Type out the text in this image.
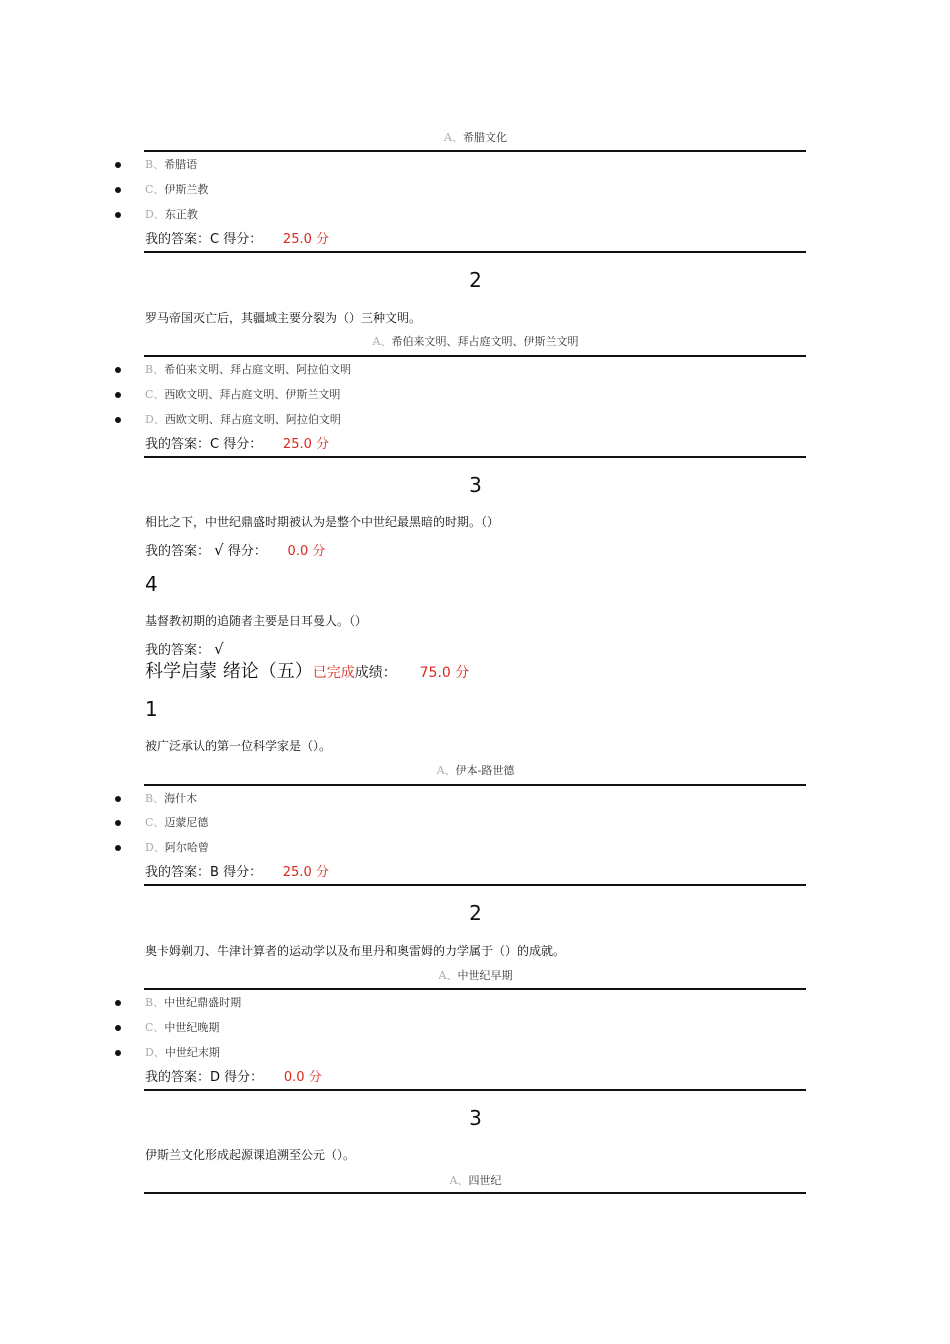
A、希腊文化
B、希腊语
C、伊斯兰教
D、东正教
我的答案：C 得分： 25.0 分
2
罗马帝国灭亡后，其疆域主要分裂为（）三种文明。
A、希伯来文明、拜占庭文明、伊斯兰文明
B、希伯来文明、拜占庭文明、阿拉伯文明
C、西欧文明、拜占庭文明、伊斯兰文明
D、西欧文明、拜占庭文明、阿拉伯文明
我的答案：C 得分： 25.0 分
3
相比之下，中世纪鼎盛时期被认为是整个中世纪最黑暗的时期。（）
我的答案： √ 得分： 0.0 分
4
基督教初期的追随者主要是日耳曼人。（）
我的答案： √
科学启蒙 绪论（五）已完成成绩： 75.0 分
1
被广泛承认的第一位科学家是（）。
A、伊本-路世德
B、海什木
C、迈蒙尼德
D、阿尔哈曾
我的答案：B 得分： 25.0 分
2
奥卡姆剃刀、牛津计算者的运动学以及布里丹和奥雷姆的力学属于（）的成就。
A、中世纪早期
B、中世纪鼎盛时期
C、中世纪晚期
D、中世纪末期
我的答案：D 得分： 0.0 分
3
伊斯兰文化形成起源课追溯至公元（）。
A、四世纪
